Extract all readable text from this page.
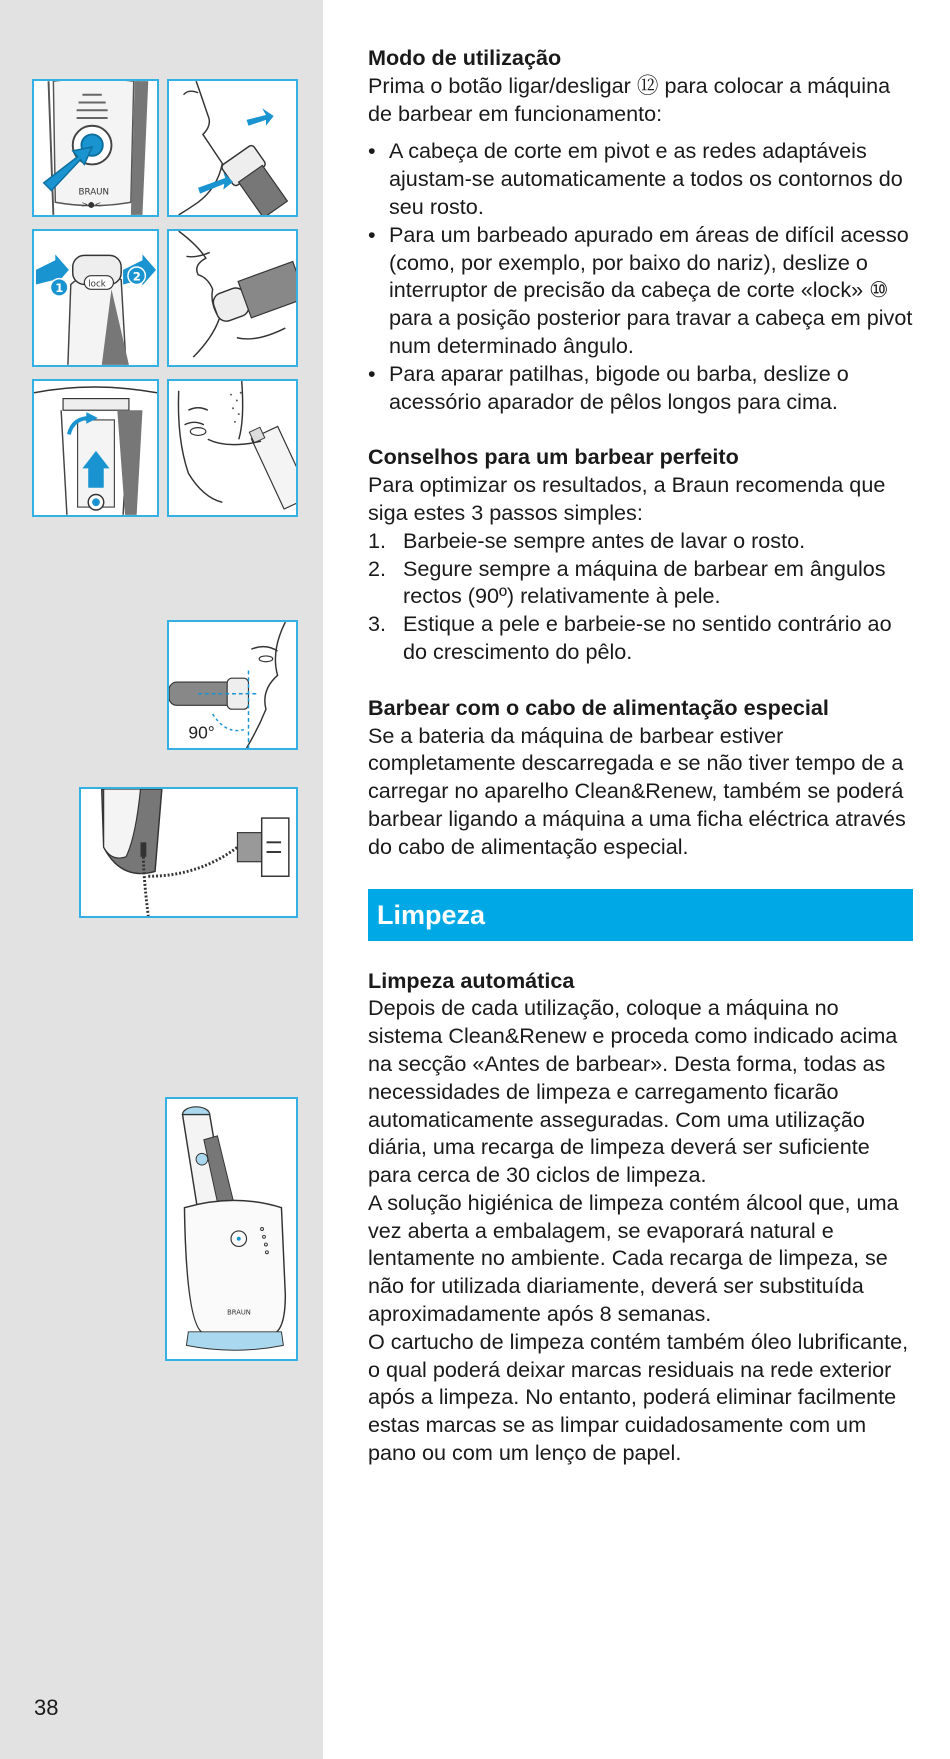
BRAUN
>●<
lock
1
2
90°
BRAUN
38
Modo de utilização

Prima o botão ligar/desligar ⑫ para colocar a máquina de barbear em funcionamento:

• A cabeça de corte em pivot e as redes adaptáveis ajustam-se automaticamente a todos os contornos do seu rosto.
• Para um barbeado apurado em áreas de difícil acesso (como, por exemplo, por baixo do nariz), deslize o interruptor de precisão da cabeça de corte «lock» ⑩ para a posição posterior para travar a cabeça em pivot num determinado ângulo.
• Para aparar patilhas, bigode ou barba, deslize o acessório aparador de pêlos longos para cima.
Conselhos para um barbear perfeito

Para optimizar os resultados, a Braun recomenda que siga estes 3 passos simples:

1. Barbeie-se sempre antes de lavar o rosto.
2. Segure sempre a máquina de barbear em ângulos rectos (90º) relativamente à pele.
3. Estique a pele e barbeie-se no sentido contrário ao do crescimento do pêlo.
Barbear com o cabo de alimentação especial

Se a bateria da máquina de barbear estiver completamente descarregada e se não tiver tempo de a carregar no aparelho Clean&Renew, também se poderá barbear ligando a máquina a uma ficha eléctrica através do cabo de alimentação especial.

Limpeza
Limpeza automática

Depois de cada utilização, coloque a máquina no sistema Clean&Renew e proceda como indicado acima na secção «Antes de barbear». Desta forma, todas as necessidades de limpeza e carregamento ficarão automaticamente asseguradas. Com uma utilização diária, uma recarga de limpeza deverá ser suficiente para cerca de 30 ciclos de limpeza.

A solução higiénica de limpeza contém álcool que, uma vez aberta a embalagem, se evaporará natural e lentamente no ambiente. Cada recarga de limpeza, se não for utilizada diariamente, deverá ser substituída aproximadamente após 8 semanas.

O cartucho de limpeza contém também óleo lubrificante, o qual poderá deixar marcas residuais na rede exterior após a limpeza. No entanto, poderá eliminar facilmente estas marcas se as limpar cuidadosamente com um pano ou com um lenço de papel.
